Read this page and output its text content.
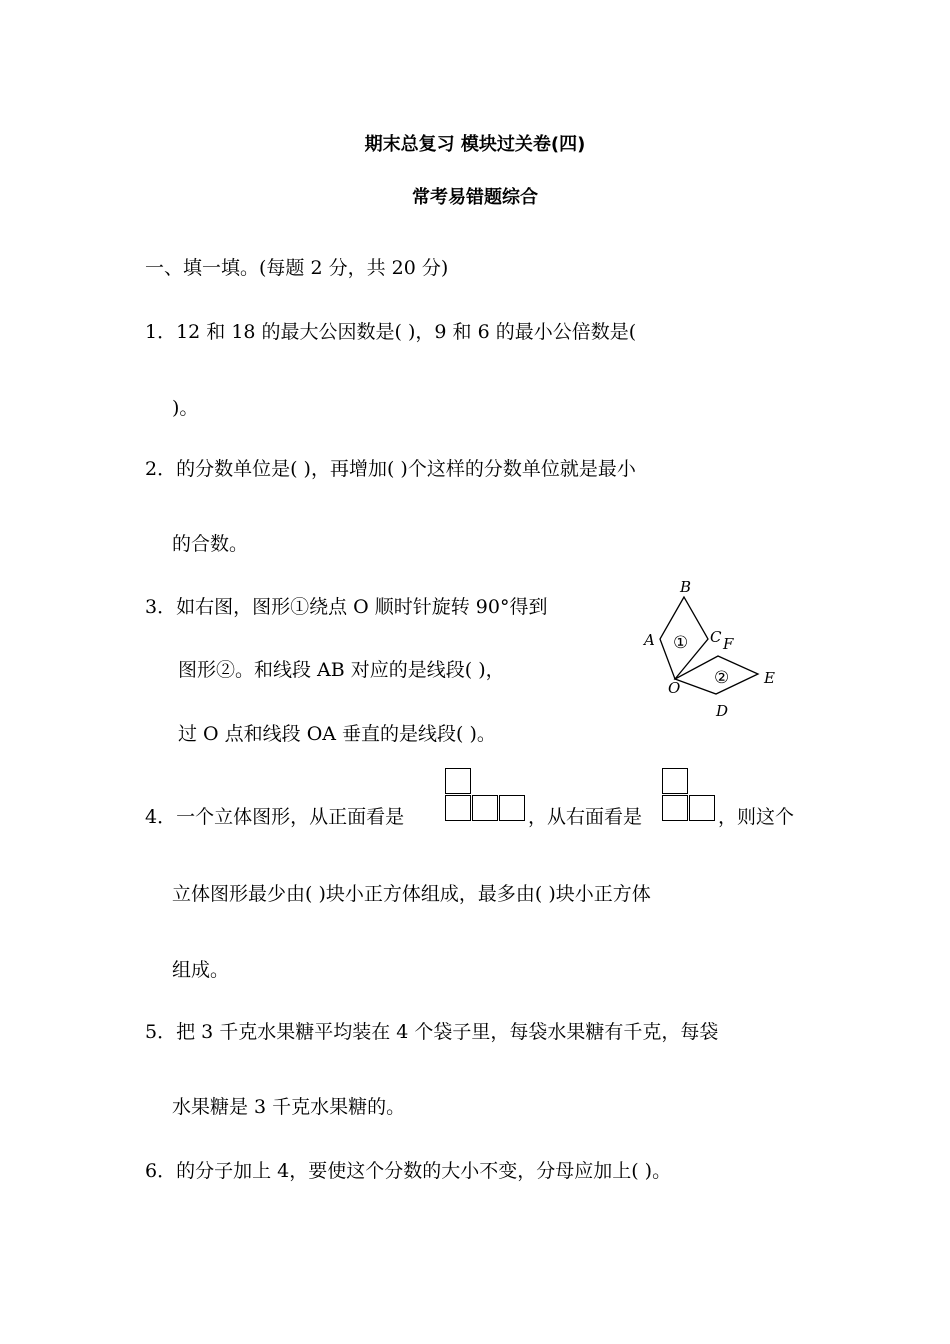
期末总复习 模块过关卷(四)
常考易错题综合
一、填一填。(每题 2 分，共 20 分)
1．12 和 18 的最大公因数是( )，9 和 6 的最小公倍数是(
)。
2．的分数单位是( )，再增加( )个这样的分数单位就是最小
的合数。
3．如右图，图形①绕点 O 顺时针旋转 90°得到
图形②。和线段 AB 对应的是线段( )，
过 O 点和线段 OA 垂直的是线段( )。
B
A	C F
O
E
D
①
②
4．一个立体图形，从正面看是	，从右面看是	，则这个
立体图形最少由( )块小正方体组成，最多由( )块小正方体
组成。
5．把 3 千克水果糖平均装在 4 个袋子里，每袋水果糖有千克，每袋
水果糖是 3 千克水果糖的。
6．的分子加上 4，要使这个分数的大小不变，分母应加上( )。
